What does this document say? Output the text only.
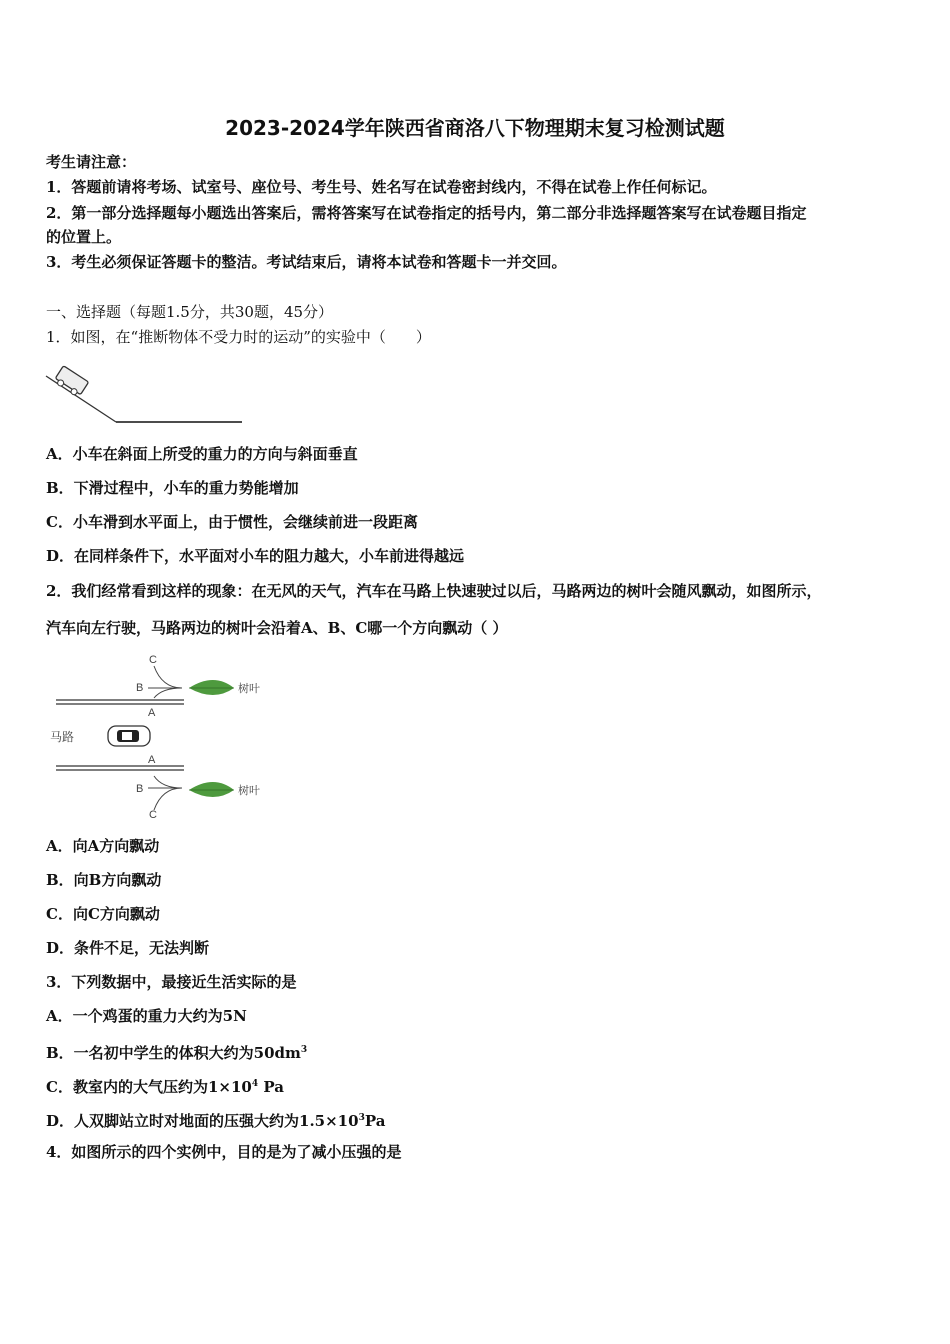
2023-2024学年陕西省商洛八下物理期末复习检测试题
考生请注意：
1．答题前请将考场、试室号、座位号、考生号、姓名写在试卷密封线内，不得在试卷上作任何标记。
2．第一部分选择题每小题选出答案后，需将答案写在试卷指定的括号内，第二部分非选择题答案写在试卷题目指定
的位置上。
3．考生必须保证答题卡的整洁。考试结束后，请将本试卷和答题卡一并交回。
一、选择题（每题1.5分，共30题，45分）
1．如图，在“推断物体不受力时的运动”的实验中（　　）
A．小车在斜面上所受的重力的方向与斜面垂直
B．下滑过程中，小车的重力势能增加
C．小车滑到水平面上，由于惯性，会继续前进一段距离
D．在同样条件下，水平面对小车的阻力越大，小车前进得越远
2．我们经常看到这样的现象：在无风的天气，汽车在马路上快速驶过以后，马路两边的树叶会随风飘动，如图所示，
汽车向左行驶，马路两边的树叶会沿着A、B、C哪一个方向飘动（ ）
C
B
A
树叶
马路
A
B
C
树叶
A．向A方向飘动
B．向B方向飘动
C．向C方向飘动
D．条件不足，无法判断
3．下列数据中，最接近生活实际的是
A．一个鸡蛋的重力大约为5N
B．一名初中学生的体积大约为$50dm^3$
C．教室内的大气压约为$1\times 10^4$ Pa
D．人双脚站立时对地面的压强大约为$1.5\times 10^3Pa$
4．如图所示的四个实例中，目的是为了减小压强的是
